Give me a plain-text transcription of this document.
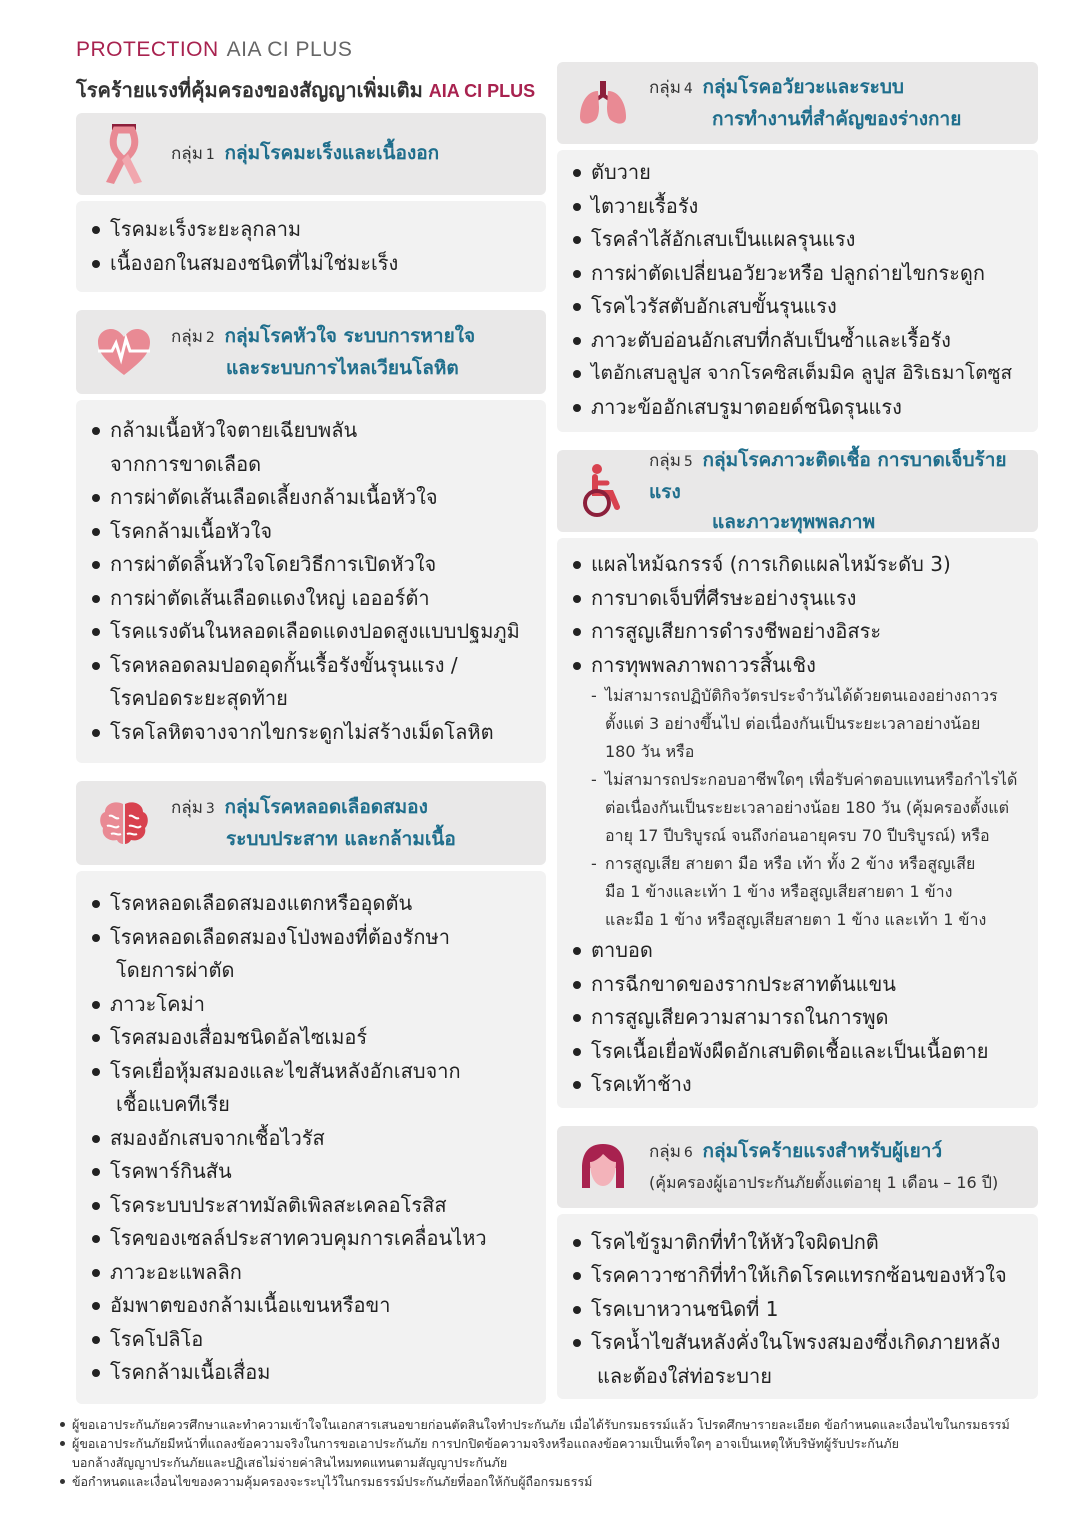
PROTECTION AIA CI PLUS
โรคร้ายแรงที่คุ้มครองของสัญญาเพิ่มเติม AIA CI PLUS
กลุ่ม 1 กลุ่มโรคมะเร็งและเนื้องอก
โรคมะเร็งระยะลุกลาม
เนื้องอกในสมองชนิดที่ไม่ใช่มะเร็ง
กลุ่ม 2 กลุ่มโรคหัวใจ ระบบการหายใจ
และระบบการไหลเวียนโลหิต
กล้ามเนื้อหัวใจตายเฉียบพลัน
จากการขาดเลือด
การผ่าตัดเส้นเลือดเลี้ยงกล้ามเนื้อหัวใจ
โรคกล้ามเนื้อหัวใจ
การผ่าตัดลิ้นหัวใจโดยวิธีการเปิดหัวใจ
การผ่าตัดเส้นเลือดแดงใหญ่ เอออร์ต้า
โรคแรงดันในหลอดเลือดแดงปอดสูงแบบปฐมภูมิ
โรคหลอดลมปอดอุดกั้นเรื้อรังขั้นรุนแรง /
โรคปอดระยะสุดท้าย
โรคโลหิตจางจากไขกระดูกไม่สร้างเม็ดโลหิต
กลุ่ม 3 กลุ่มโรคหลอดเลือดสมอง
ระบบประสาท และกล้ามเนื้อ
โรคหลอดเลือดสมองแตกหรืออุดตัน
โรคหลอดเลือดสมองโป่งพองที่ต้องรักษา
โดยการผ่าตัด
ภาวะโคม่า
โรคสมองเสื่อมชนิดอัลไซเมอร์
โรคเยื่อหุ้มสมองและไขสันหลังอักเสบจาก
เชื้อแบคทีเรีย
สมองอักเสบจากเชื้อไวรัส
โรคพาร์กินสัน
โรคระบบประสาทมัลติเพิลสะเคลอโรสิส
โรคของเซลล์ประสาทควบคุมการเคลื่อนไหว
ภาวะอะแพลลิก
อัมพาตของกล้ามเนื้อแขนหรือขา
โรคโปลิโอ
โรคกล้ามเนื้อเสื่อม
กลุ่ม 4 กลุ่มโรคอวัยวะและระบบ
การทำงานที่สำคัญของร่างกาย
ตับวาย
ไตวายเรื้อรัง
โรคลำไส้อักเสบเป็นแผลรุนแรง
การผ่าตัดเปลี่ยนอวัยวะหรือ ปลูกถ่ายไขกระดูก
โรคไวรัสตับอักเสบขั้นรุนแรง
ภาวะตับอ่อนอักเสบที่กลับเป็นซ้ำและเรื้อรัง
ไตอักเสบลูปูส จากโรคซิสเต็มมิค ลูปูส อิริเธมาโตซูส
ภาวะข้ออักเสบรูมาตอยด์ชนิดรุนแรง
กลุ่ม 5 กลุ่มโรคภาวะติดเชื้อ การบาดเจ็บร้ายแรง
และภาวะทุพพลภาพ
แผลไหม้ฉกรรจ์ (การเกิดแผลไหม้ระดับ 3)
การบาดเจ็บที่ศีรษะอย่างรุนแรง
การสูญเสียการดำรงชีพอย่างอิสระ
การทุพพลภาพถาวรสิ้นเชิง
- ไม่สามารถปฏิบัติกิจวัตรประจำวันได้ด้วยตนเองอย่างถาวร
ตั้งแต่ 3 อย่างขึ้นไป ต่อเนื่องกันเป็นระยะเวลาอย่างน้อย
180 วัน หรือ
- ไม่สามารถประกอบอาชีพใดๆ เพื่อรับค่าตอบแทนหรือกำไรได้
ต่อเนื่องกันเป็นระยะเวลาอย่างน้อย 180 วัน (คุ้มครองตั้งแต่
อายุ 17 ปีบริบูรณ์ จนถึงก่อนอายุครบ 70 ปีบริบูรณ์) หรือ
- การสูญเสีย สายตา มือ หรือ เท้า ทั้ง 2 ข้าง หรือสูญเสีย
มือ 1 ข้างและเท้า 1 ข้าง หรือสูญเสียสายตา 1 ข้าง
และมือ 1 ข้าง หรือสูญเสียสายตา 1 ข้าง และเท้า 1 ข้าง
ตาบอด
การฉีกขาดของรากประสาทต้นแขน
การสูญเสียความสามารถในการพูด
โรคเนื้อเยื่อพังผืดอักเสบติดเชื้อและเป็นเนื้อตาย
โรคเท้าช้าง
กลุ่ม 6 กลุ่มโรคร้ายแรงสำหรับผู้เยาว์
(คุ้มครองผู้เอาประกันภัยตั้งแต่อายุ 1 เดือน – 16 ปี)
โรคไข้รูมาติกที่ทำให้หัวใจผิดปกติ
โรคคาวาซากิที่ทำให้เกิดโรคแทรกซ้อนของหัวใจ
โรคเบาหวานชนิดที่ 1
โรคน้ำไขสันหลังคั่งในโพรงสมองซึ่งเกิดภายหลัง
และต้องใส่ท่อระบาย
ผู้ขอเอาประกันภัยควรศึกษาและทำความเข้าใจในเอกสารเสนอขายก่อนตัดสินใจทำประกันภัย เมื่อได้รับกรมธรรม์แล้ว โปรดศึกษารายละเอียด ข้อกำหนดและเงื่อนไขในกรมธรรม์
ผู้ขอเอาประกันภัยมีหน้าที่แถลงข้อความจริงในการขอเอาประกันภัย การปกปิดข้อความจริงหรือแถลงข้อความเป็นเท็จใดๆ อาจเป็นเหตุให้บริษัทผู้รับประกันภัย
บอกล้างสัญญาประกันภัยและปฏิเสธไม่จ่ายค่าสินไหมทดแทนตามสัญญาประกันภัย
ข้อกำหนดและเงื่อนไขของความคุ้มครองจะระบุไว้ในกรมธรรม์ประกันภัยที่ออกให้กับผู้ถือกรมธรรม์
